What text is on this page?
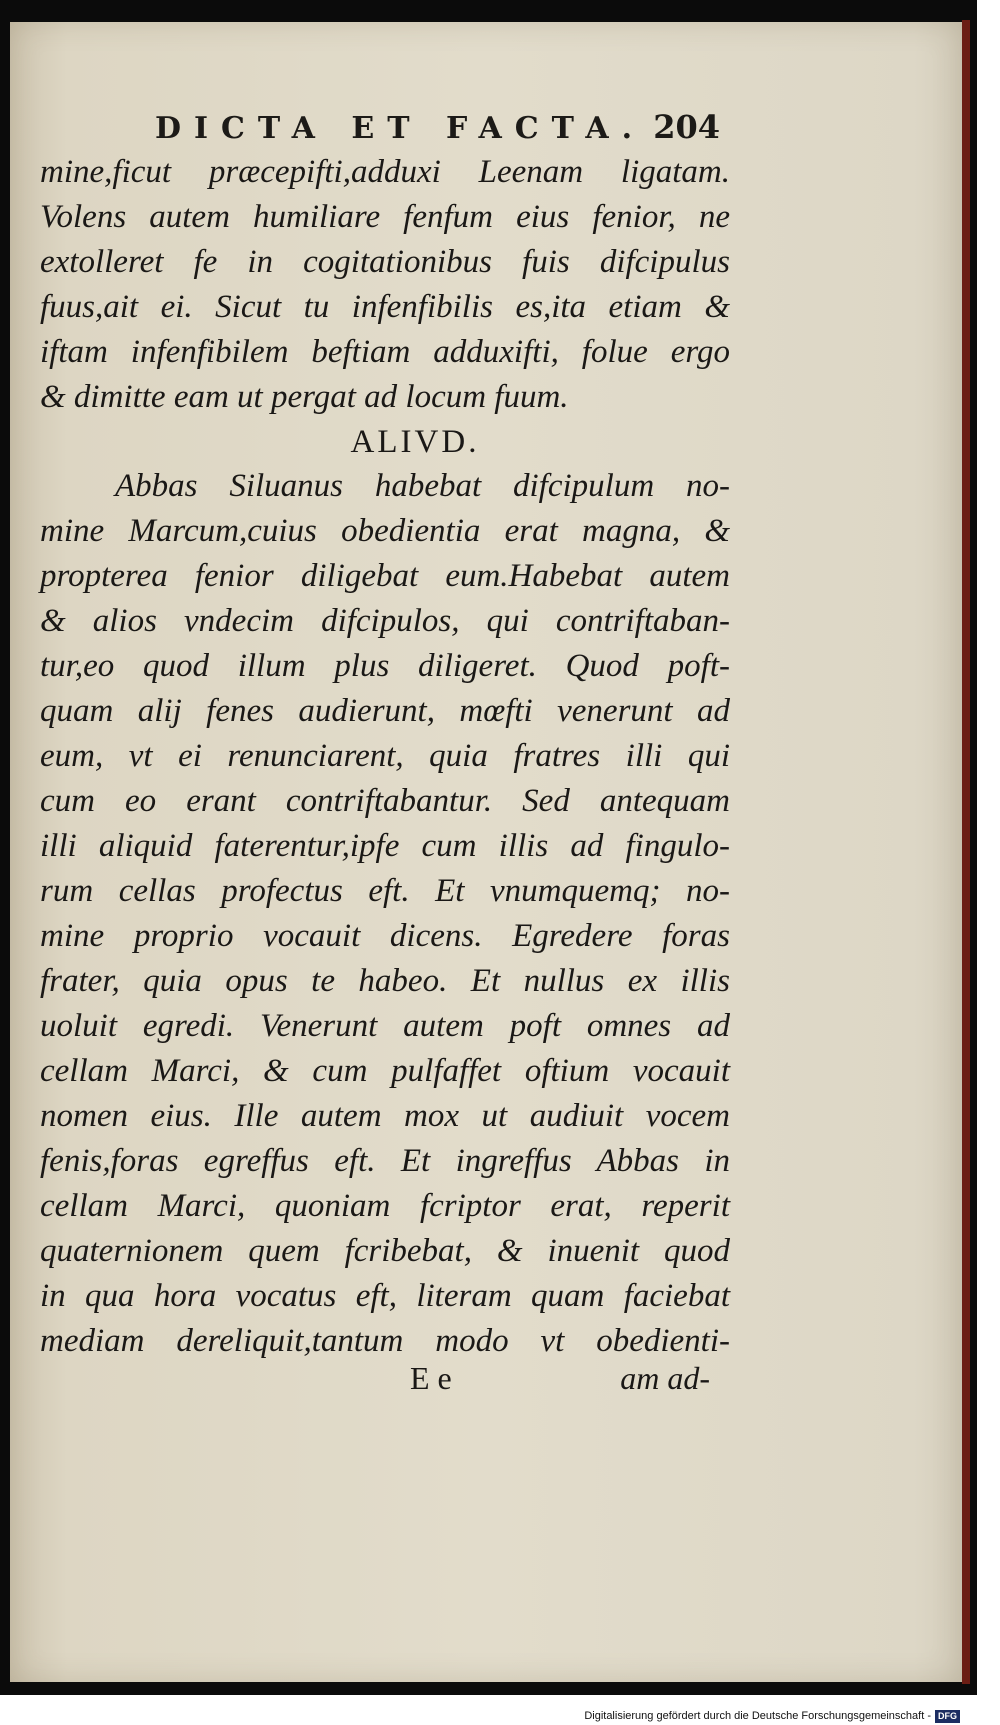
DICTA ET FACTA. 204
mine,ficut præcepifti,adduxi Leenam ligatam.
Volens autem humiliare fenfum eius fenior, ne
extolleret fe in cogitationibus fuis difcipulus
fuus,ait ei. Sicut tu infenfibilis es,ita etiam &
iftam infenfibilem beftiam adduxifti, folue ergo
& dimitte eam ut pergat ad locum fuum.
ALIVD.
Abbas Siluanus habebat difcipulum no-
mine Marcum,cuius obedientia erat magna, &
propterea fenior diligebat eum.Habebat autem
& alios vndecim difcipulos, qui contriftaban-
tur,eo quod illum plus diligeret. Quod poft-
quam alij fenes audierunt, mœfti venerunt ad
eum, vt ei renunciarent, quia fratres illi qui
cum eo erant contriftabantur. Sed antequam
illi aliquid faterentur,ipfe cum illis ad fingulo-
rum cellas profectus eft. Et vnumquemq; no-
mine proprio vocauit dicens. Egredere foras
frater, quia opus te habeo. Et nullus ex illis
uoluit egredi. Venerunt autem poft omnes ad
cellam Marci, & cum pulfaffet oftium vocauit
nomen eius. Ille autem mox ut audiuit vocem
fenis,foras egreffus eft. Et ingreffus Abbas in
cellam Marci, quoniam fcriptor erat, reperit
quaternionem quem fcribebat, & inuenit quod
in qua hora vocatus eft, literam quam faciebat
mediam dereliquit,tantum modo vt obedienti-
E e	am ad-
Digitalisierung gefördert durch die Deutsche Forschungsgemeinschaft - DFG
